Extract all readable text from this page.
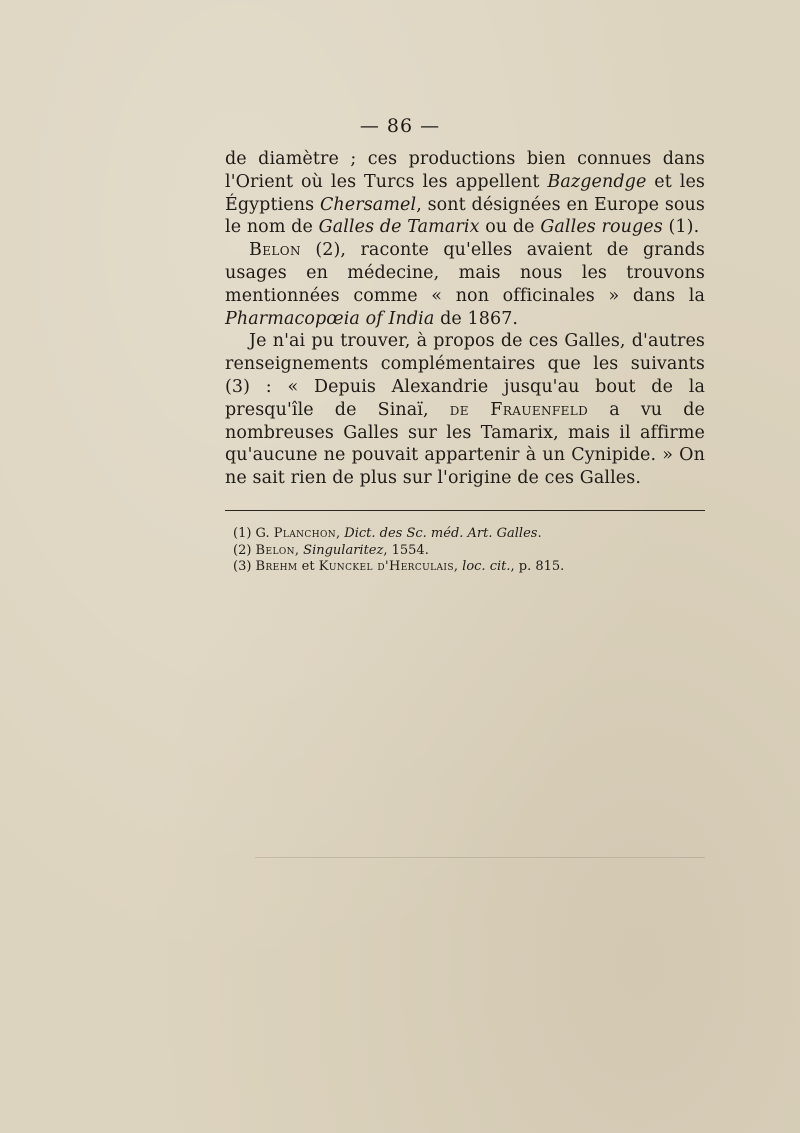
— 86 —

de diamètre ; ces productions bien connues dans l'Orient où les Turcs les appellent Bazgendge et les Égyptiens Chersamel, sont désignées en Europe sous le nom de Galles de Tamarix ou de Galles rouges (1).

Belon (2), raconte qu'elles avaient de grands usages en médecine, mais nous les trouvons mentionnées comme « non officinales » dans la Pharmacopœia of India de 1867.

Je n'ai pu trouver, à propos de ces Galles, d'autres renseignements complémentaires que les suivants (3) : « Depuis Alexandrie jusqu'au bout de la presqu'île de Sinaï, de Frauenfeld a vu de nombreuses Galles sur les Tamarix, mais il affirme qu'aucune ne pouvait appartenir à un Cynipide. » On ne sait rien de plus sur l'origine de ces Galles.

(1) G. Planchon, Dict. des Sc. méd. Art. Galles.

(2) Belon, Singularitez, 1554.

(3) Brehm et Kunckel d'Herculais, loc. cit., p. 815.
